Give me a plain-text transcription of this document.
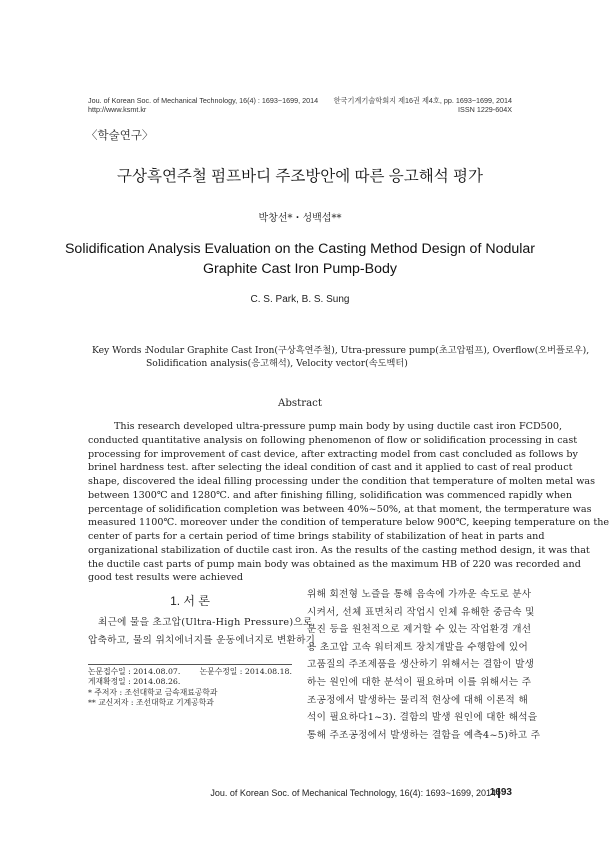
Jou. of Korean Soc. of Mechanical Technology, 16(4) : 1693~1699, 2014
http://www.ksmt.kr
한국기계기술학회지 제16권 제4호, pp. 1693~1699, 2014
ISSN 1229-604X
〈학술연구〉
구상흑연주철 펌프바디 주조방안에 따른 응고해석 평가
박창선*・성백섭**
Solidification Analysis Evaluation on the Casting Method Design of Nodular
Graphite Cast Iron Pump-Body
C. S. Park, B. S. Sung
Key Words :
Nodular Graphite Cast Iron(구상흑연주철), Utra-pressure pump(초고압펌프), Overflow(오버플로우),
Solidification analysis(응고해석), Velocity vector(속도벡터)
Abstract
This research developed ultra-pressure pump main body by using ductile cast iron FCD500,
conducted quantitative analysis on following phenomenon of flow or solidification processing in cast
processing for improvement of cast device, after extracting model from cast concluded as follows by
brinel hardness test. after selecting the ideal condition of cast and it applied to cast of real product
shape, discovered the ideal filling processing under the condition that temperature of molten metal was
between 1300℃ and 1280℃. and after finishing filling, solidification was commenced rapidly when
percentage of solidification completion was between 40%~50%, at that moment, the termperature was
measured 1100℃. moreover under the condition of temperature below 900℃, keeping temperature on the
center of parts for a certain period of time brings stability of stabilization of heat in parts and
organizational stabilization of ductile cast iron. As the results of the casting method design, it was that
the ductile cast parts of pump main body was obtained as the maximum HB of 220 was recorded and
good test results were achieved
1. 서 론
최근에 물을 초고압(Ultra-High Pressure)으로
압축하고, 물의 위치에너지를 운동에너지로 변환하기
위해 회전형 노즐을 통해 음속에 가까운 속도로 분사
시켜서, 선체 표면처리 작업시 인체 유해한 중금속 및
분진 등을 원천적으로 제거할 수 있는 작업환경 개선
용 초고압 고속 워터제트 장치개발을 수행함에 있어
고품질의 주조제품을 생산하기 위해서는 결함이 발생
하는 원인에 대한 분석이 필요하며 이를 위해서는 주
조공정에서 발생하는 물리적 현상에 대해 이론적 해
석이 필요하다1~3). 결함의 발생 원인에 대한 해석을
통해 주조공정에서 발생하는 결함을 예측4~5)하고 주
논문접수일 : 2014.08.07. 논문수정일 : 2014.08.18.
게재확정일 : 2014.08.26.
* 주저자 : 조선대학교 금속재료공학과
** 교신저자 : 조선대학교 기계공학과
Jou. of Korean Soc. of Mechanical Technology, 16(4): 1693~1699, 2014
1693
